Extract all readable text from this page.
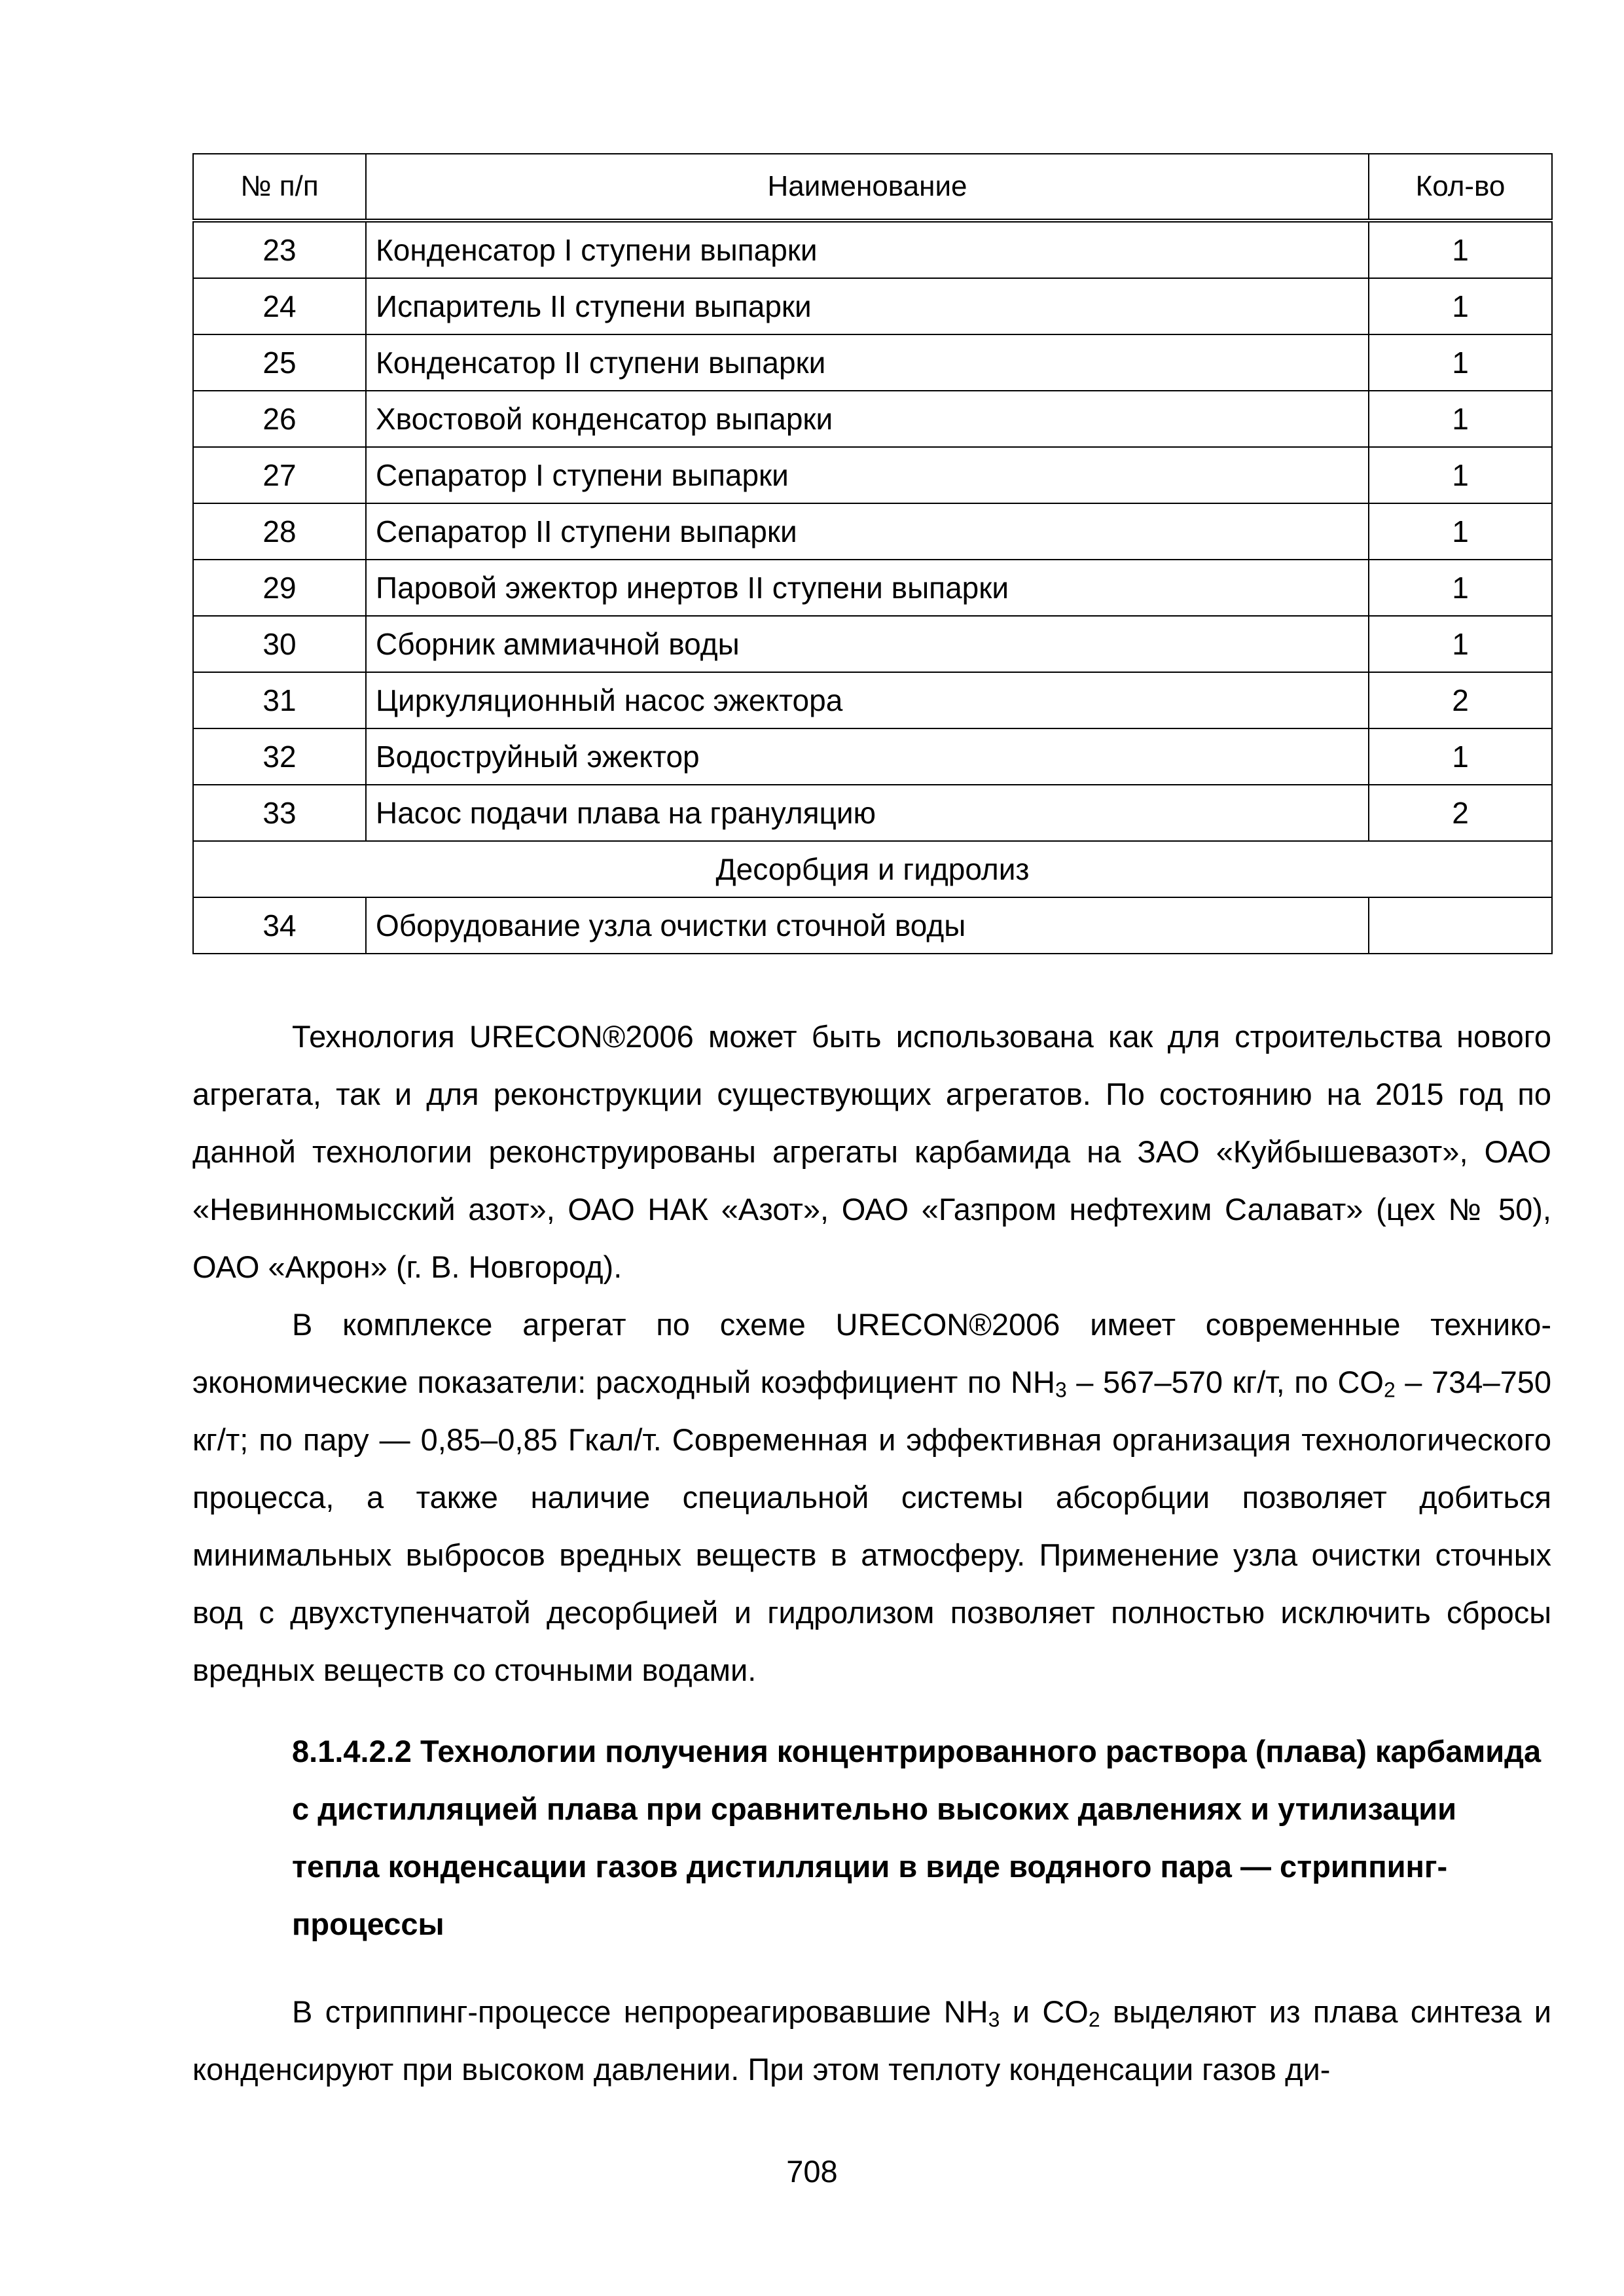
№ п/п	Наименование	Кол-во
23	Конденсатор I ступени выпарки	1
24	Испаритель II ступени выпарки	1
25	Конденсатор II ступени выпарки	1
26	Хвостовой конденсатор выпарки	1
27	Сепаратор I ступени выпарки	1
28	Сепаратор II ступени выпарки	1
29	Паровой эжектор инертов II ступени выпарки	1
30	Сборник аммиачной воды	1
31	Циркуляционный насос эжектора	2
32	Водоструйный эжектор	1
33	Насос подачи плава на грануляцию	2
Десорбция и гидролиз		
34	Оборудование узла очистки сточной воды	

Технология URECON®2006 может быть использована как для строительства нового агрегата, так и для реконструкции существующих агрегатов. По состоянию на 2015 год по данной технологии реконструированы агрегаты карбамида на ЗАО «Куйбышевазот», ОАО «Невинномысский азот», ОАО НАК «Азот», ОАО «Газпром нефтехим Салават» (цех № 50), ОАО «Акрон» (г. В. Новгород).

В комплексе агрегат по схеме URECON®2006 имеет современные технико-экономические показатели: расходный коэффициент по $NH_3 - 567-570$ кг/т, по $CO_2 - 734-750$ кг/т; по пару — 0,85–0,85 Гкал/т. Современная и эффективная организация технологического процесса, а также наличие специальной системы абсорбции позволяет добиться минимальных выбросов вредных веществ в атмосферу. Применение узла очистки сточных вод с двухступенчатой десорбцией и гидролизом позволяет полностью исключить сбросы вредных веществ со сточными водами.

8.1.4.2.2 Технологии получения концентрированного раствора (плава) карбамида с дистилляцией плава при сравнительно высоких давлениях и утилизации тепла конденсации газов дистилляции в виде водяного пара — стриппинг-процессы

В стриппинг-процессе непрореагировавшие $NH_3$ и $CO_2$ выделяют из плава синтеза и конденсируют при высоком давлении. При этом теплоту конденсации газов ди-

708
